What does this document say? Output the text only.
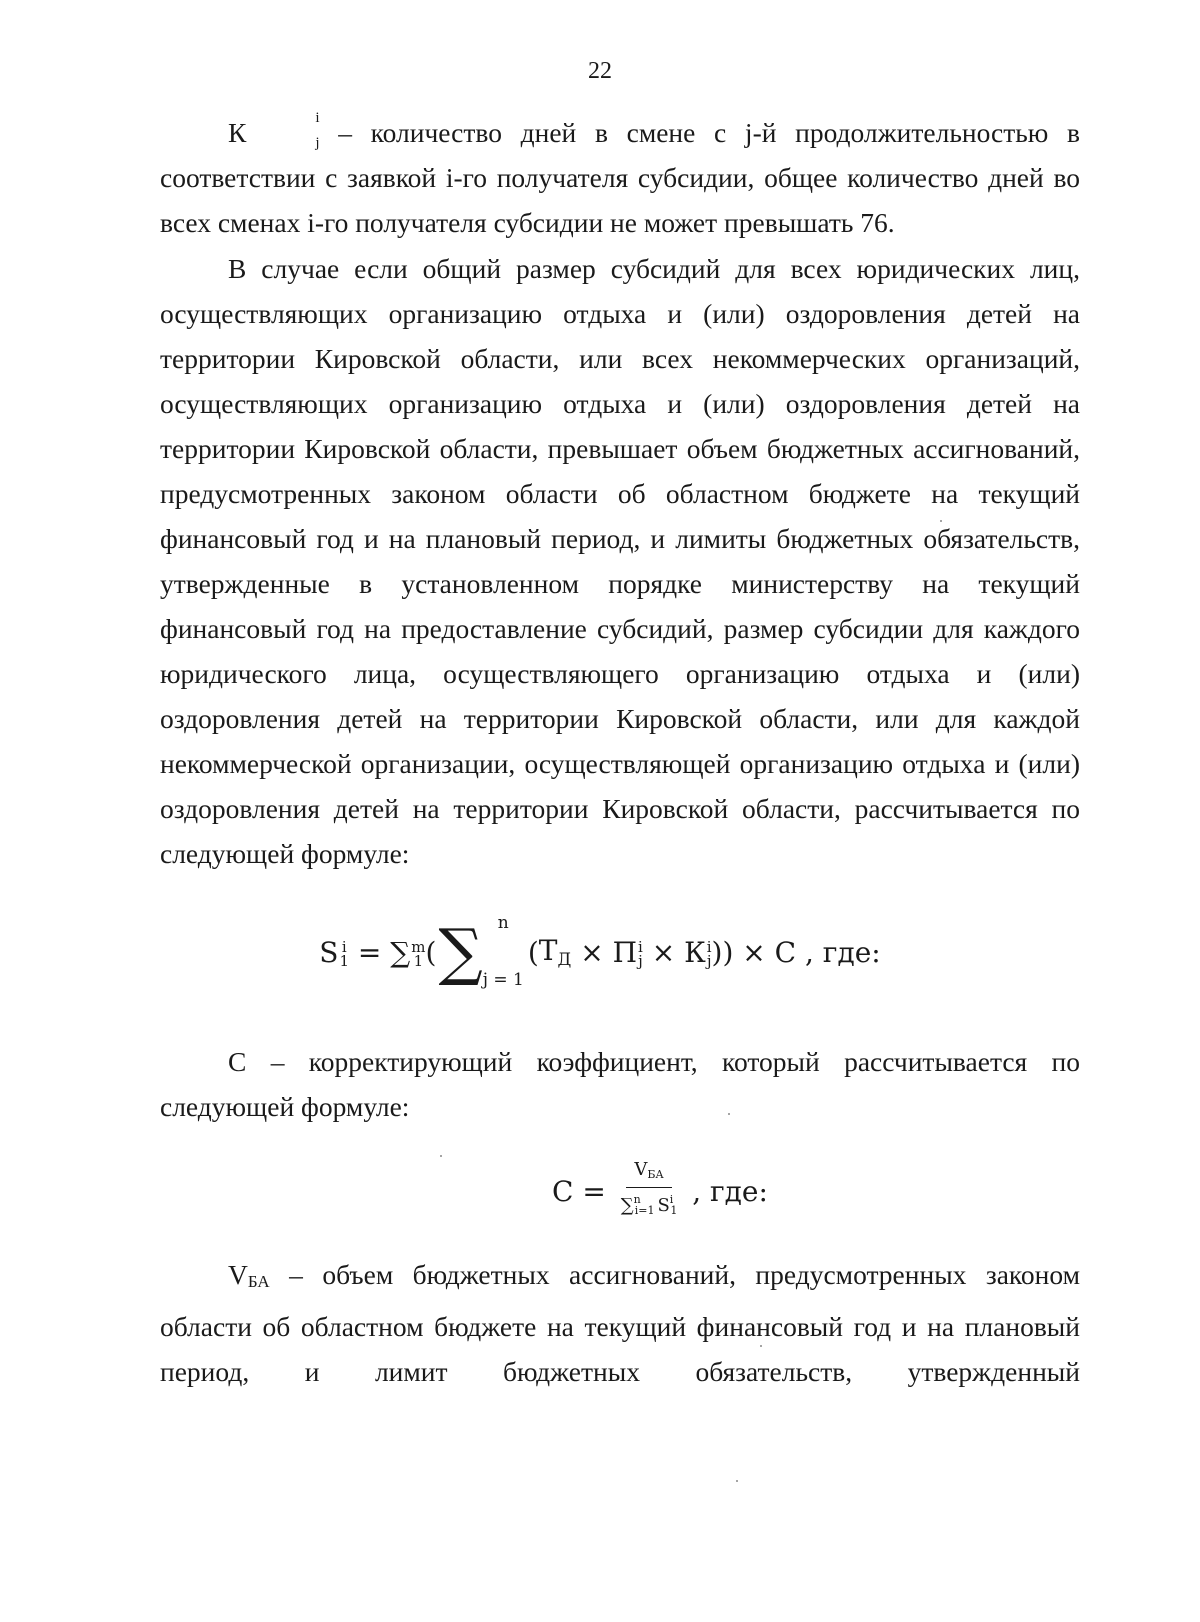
22

К	i
j – количество дней в смене с j-й продолжительностью в соответствии с заявкой i-го получателя субсидии, общее количество дней во всех сменах i-го получателя субсидии не может превышать 76.

В случае если общий размер субсидий для всех юридических лиц, осуществляющих организацию отдыха и (или) оздоровления детей на территории Кировской области, или всех некоммерческих организаций, осуществляющих организацию отдыха и (или) оздоровления детей на территории Кировской области, превышает объем бюджетных ассигнований, предусмотренных законом области об областном бюджете на текущий финансовый год и на плановый период, и лимиты бюджетных обязательств, утвержденные в установленном порядке министерству на текущий финансовый год на предоставление субсидий, размер субсидии для каждого юридического лица, осуществляющего организацию отдыха и (или) оздоровления детей на территории Кировской области, или для каждой некоммерческой организации, осуществляющей организацию отдыха и (или) оздоровления детей на территории Кировской области, рассчитывается по следующей формуле:

S i
1 = ∑ m
1 ( ∑ n
j = 1
( ТД × П i
j × К i
j )) × C , где:

С – корректирующий коэффициент, который рассчитывается по следующей формуле:

$C = \frac{\text{VБА}}{\sum^ni=1 S^i1}$ , где:

VБА – объем бюджетных ассигнований, предусмотренных законом области об областном бюджете на текущий финансовый год и на плановый период, и лимит бюджетных обязательств, утвержденный
